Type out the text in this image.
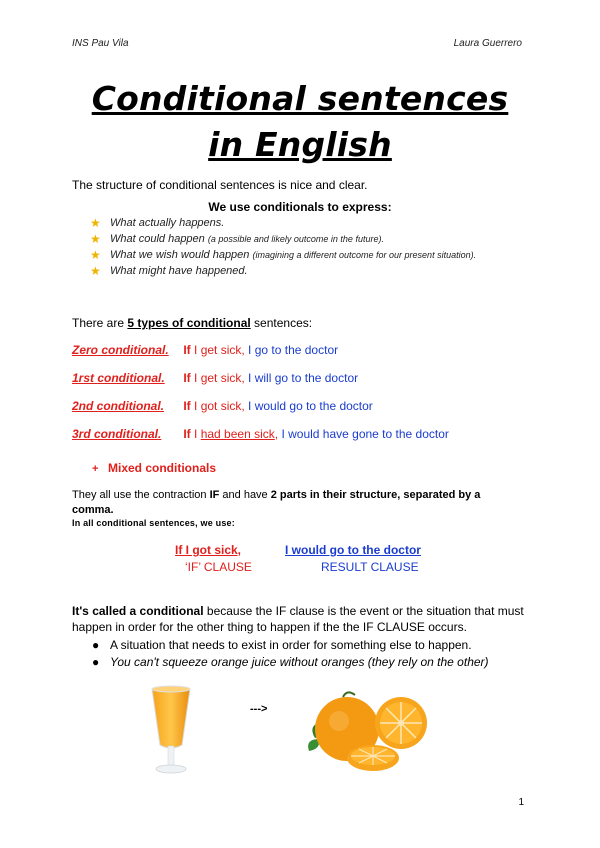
INS Pau Vila	Laura Guerrero
Conditional sentences
in English
The structure of conditional sentences is nice and clear.
We use conditionals to express:
★ What actually happens.
★ What could happen (a possible and likely outcome in the future).
★ What we wish would happen (imagining a different outcome for our present situation).
★ What might have happened.
There are 5 types of conditional sentences:
Zero conditional. If I get sick, I go to the doctor
1rst conditional. If I get sick, I will go to the doctor
2nd conditional. If I got sick, I would go to the doctor
3rd conditional. If I had been sick, I would have gone to the doctor
+ Mixed conditionals
They all use the contraction IF and have 2 parts in their structure, separated by a comma.
In all conditional sentences, we use:
If I got sick,	I would go to the doctor
‘IF’ CLAUSE	RESULT CLAUSE
It's called a conditional because the IF clause is the event or the situation that must happen in order for the other thing to happen if the the IF CLAUSE occurs.
● A situation that needs to exist in order for something else to happen.
● You can't squeeze orange juice without oranges (they rely on the other)
--->
1
